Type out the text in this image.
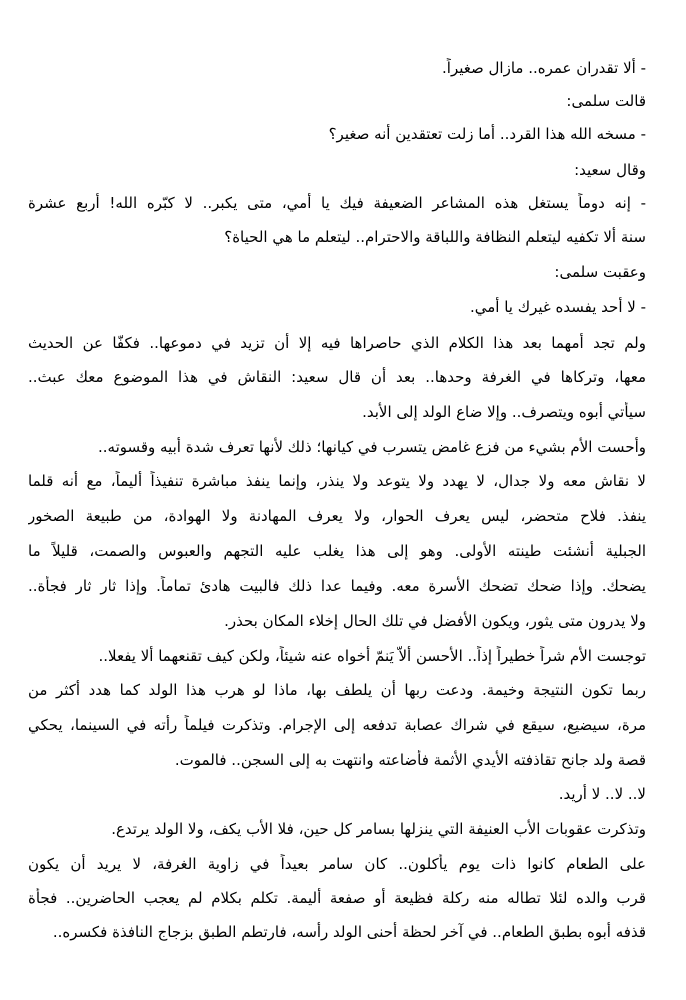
- ألا تقدران عمره.. مازال صغيراً.
قالت سلمى:
- مسخه الله هذا القرد.. أما زلت تعتقدين أنه صغير؟
وقال سعيد:
- إنه دوماً يستغل هذه المشاعر الضعيفة فيك يا أمي، متى يكبر.. لا كبّره الله! أربع عشرة
سنة ألا تكفيه ليتعلم النظافة واللباقة والاحترام.. ليتعلم ما هي الحياة؟
وعقبت سلمى:
- لا أحد يفسده غيرك يا أمي.
ولم تجد أمهما بعد هذا الكلام الذي حاصراها فيه إلا أن تزيد في دموعها.. فكفّا عن الحديث
معها، وتركاها في الغرفة وحدها.. بعد أن قال سعيد: النقاش في هذا الموضوع معك عبث..
سيأتي أبوه ويتصرف.. وإلا ضاع الولد إلى الأبد.
وأحست الأم بشيء من فزع غامض يتسرب في كيانها؛ ذلك لأنها تعرف شدة أبيه وقسوته..
لا نقاش معه ولا جدال، لا يهدد ولا يتوعد ولا ينذر، وإنما ينفذ مباشرة تنفيذاً أليماً، مع أنه قلما
ينفذ. فلاح متحضر، ليس يعرف الحوار، ولا يعرف المهادنة ولا الهوادة، من طبيعة الصخور
الجبلية أنشئت طينته الأولى. وهو إلى هذا يغلب عليه التجهم والعبوس والصمت، قليلاً ما
يضحك. وإذا ضحك تضحك الأسرة معه. وفيما عدا ذلك فالبيت هادئ تماماً. وإذا ثار ثار فجأة..
ولا يدرون متى يثور، ويكون الأفضل في تلك الحال إخلاء المكان بحذر.
توجست الأم شراً خطيراً إذاً.. الأحسن ألاّ يَنمّ أخواه عنه شيئاً، ولكن كيف تقنعهما ألا يفعلا..
ربما تكون النتيجة وخيمة. ودعت ربها أن يلطف بها، ماذا لو هرب هذا الولد كما هدد أكثر من
مرة، سيضيع، سيقع في شراك عصابة تدفعه إلى الإجرام. وتذكرت فيلماً رأته في السينما، يحكي
قصة ولد جانح تقاذفته الأيدي الأثمة فأضاعته وانتهت به إلى السجن.. فالموت.
لا.. لا.. لا أريد.
وتذكرت عقوبات الأب العنيفة التي ينزلها بسامر كل حين، فلا الأب يكف، ولا الولد يرتدع.
على الطعام كانوا ذات يوم يأكلون.. كان سامر بعيداً في زاوية الغرفة، لا يريد أن يكون
قرب والده لئلا تطاله منه ركلة فظيعة أو صفعة أليمة. تكلم بكلام لم يعجب الحاضرين.. فجأة
قذفه أبوه بطبق الطعام.. في آخر لحظة أحنى الولد رأسه، فارتطم الطبق بزجاج النافذة فكسره..
